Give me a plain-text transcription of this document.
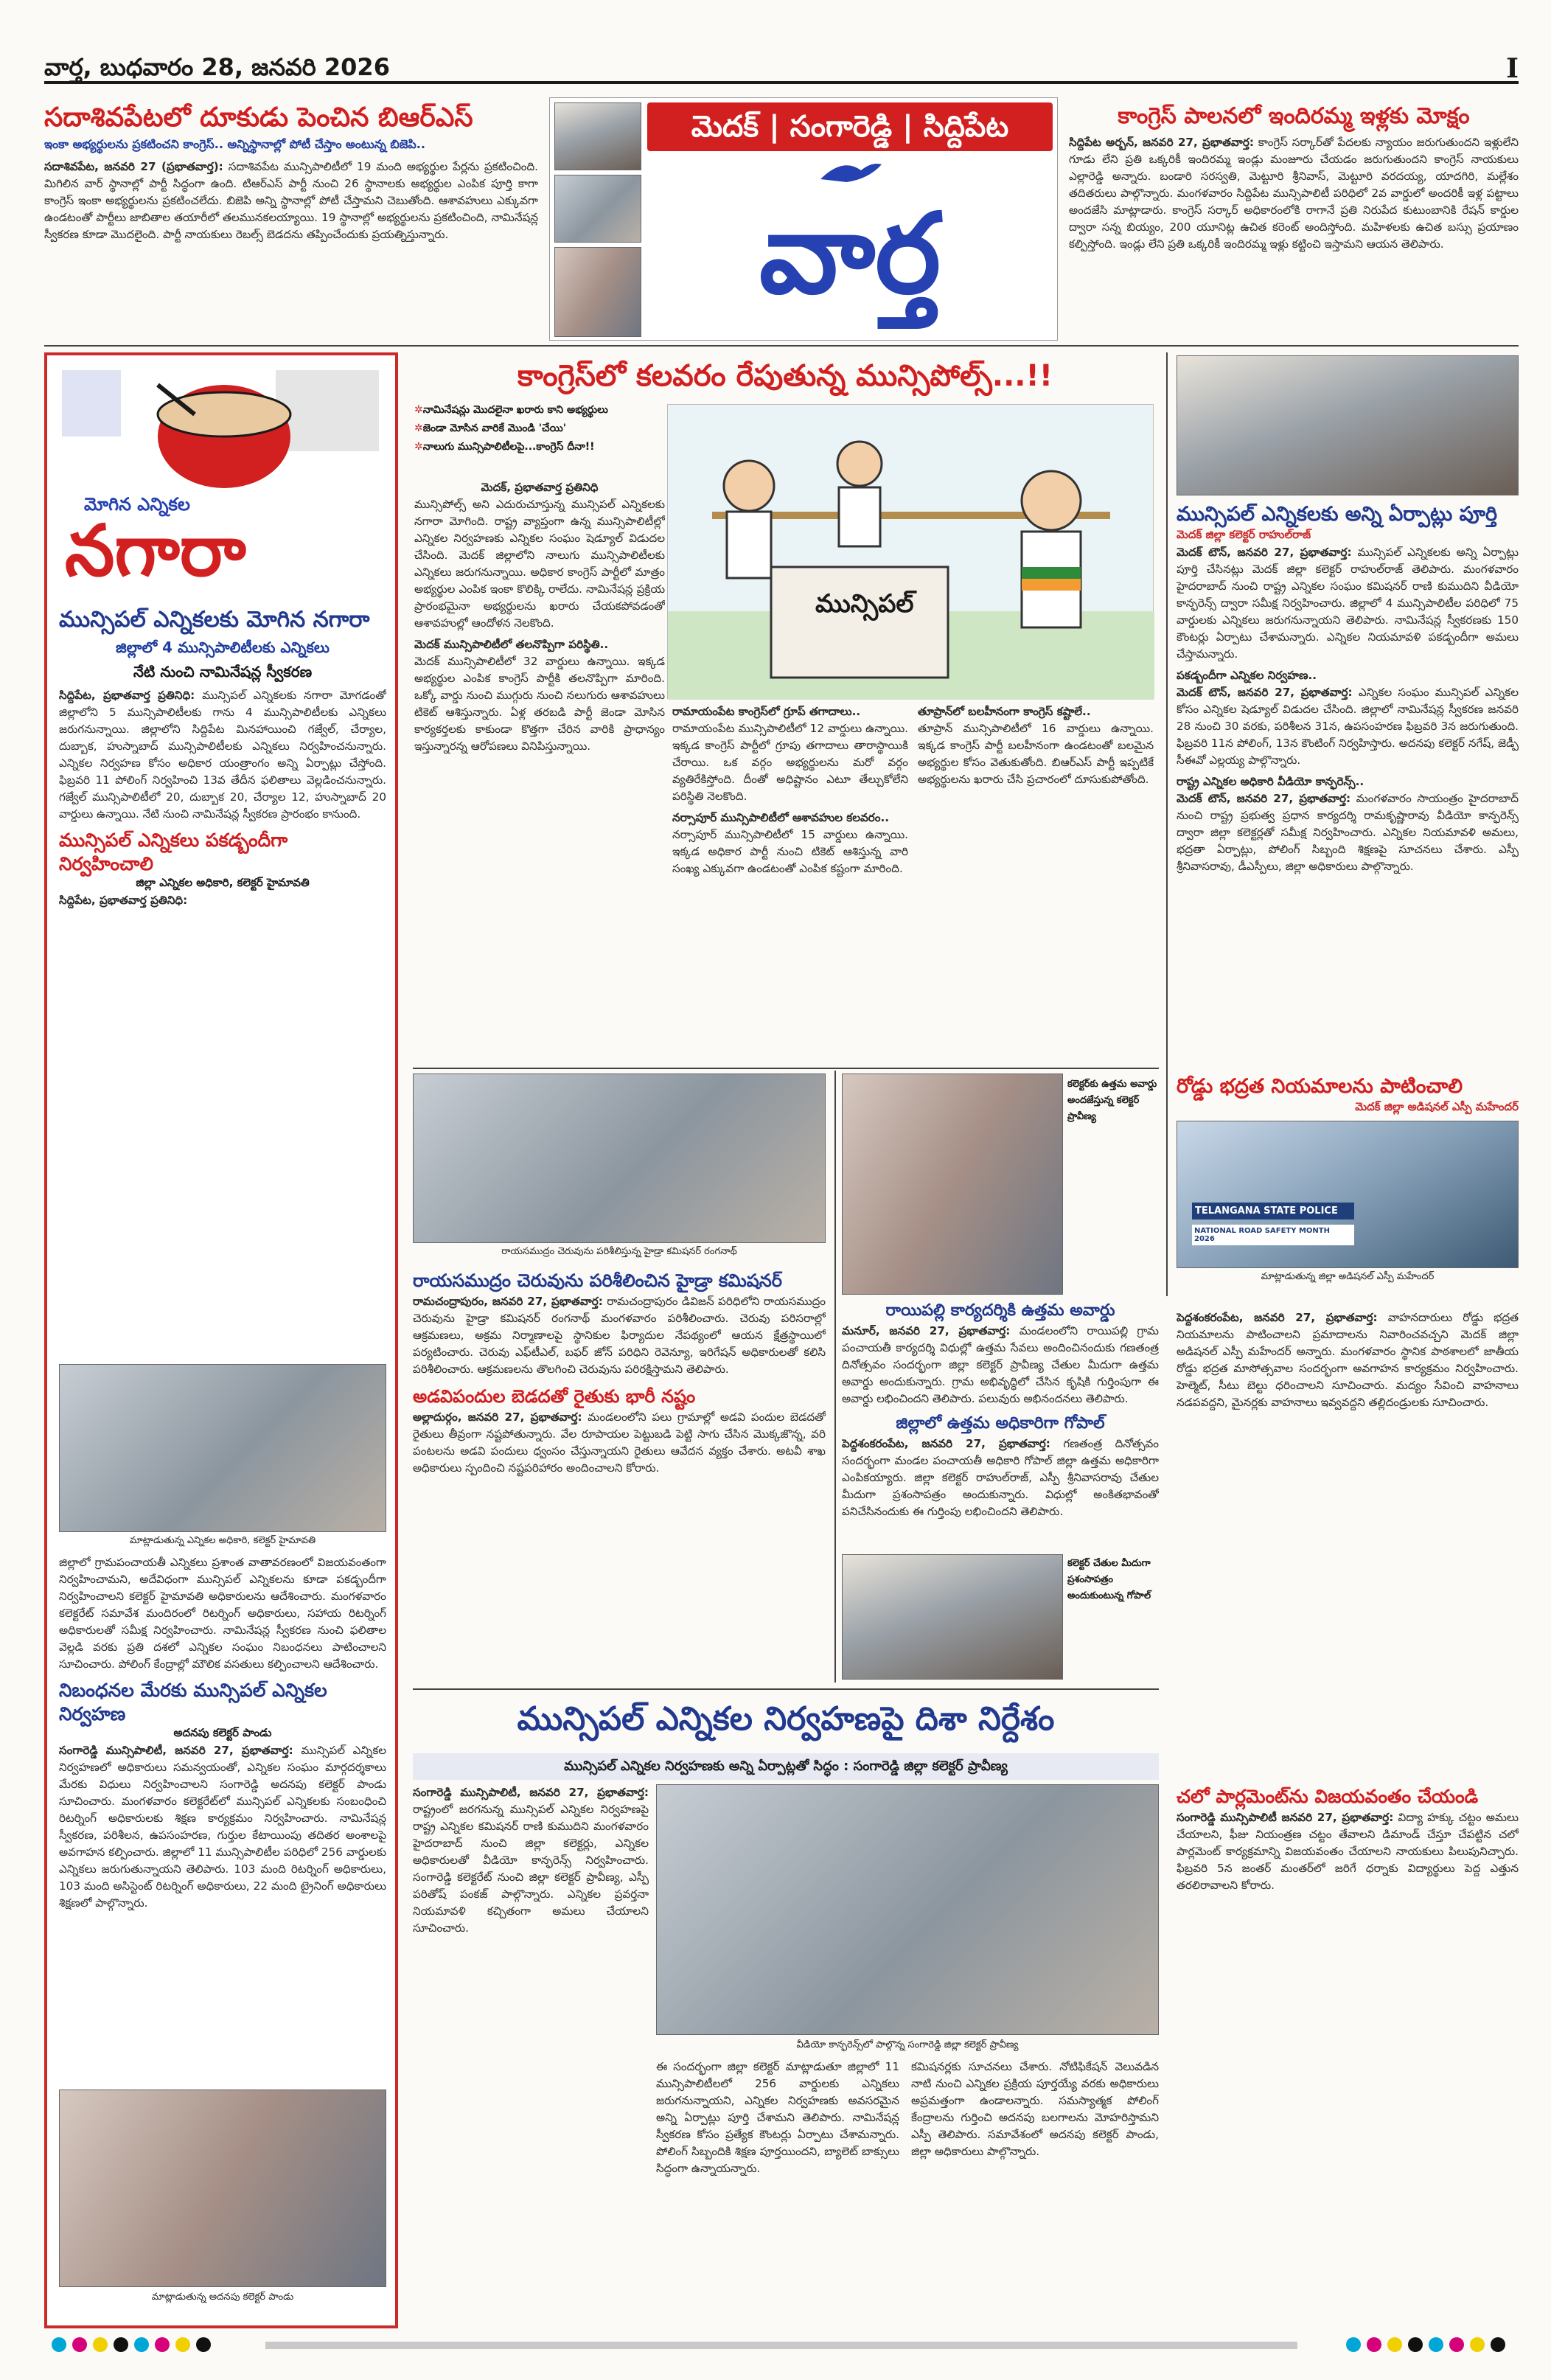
వార్త, బుధవారం 28, జనవరి 2026	I
సదాశివపేటలో దూకుడు పెంచిన బిఆర్ఎస్
ఇంకా అభ్యర్థులను ప్రకటించని కాంగ్రెస్.. అన్నిస్థానాల్లో పోటీ చేస్తాం అంటున్న బిజెపి..
సదాశివపేట, జనవరి 27 (ప్రభాతవార్త): సదాశివపేట మున్సిపాలిటీలో 19 మంది అభ్యర్థుల పేర్లను ప్రకటించింది. మిగిలిన వార్ స్థానాల్లో పార్టీ సిద్ధంగా ఉంది. టిఆర్ఎస్ పార్టీ నుంచి 26 స్థానాలకు అభ్యర్థుల ఎంపిక పూర్తి కాగా కాంగ్రెస్ ఇంకా అభ్యర్థులను ప్రకటించలేదు. బిజెపి అన్ని స్థానాల్లో పోటీ చేస్తామని చెబుతోంది. ఆశావహులు ఎక్కువగా ఉండటంతో పార్టీలు జాబితాల తయారీలో తలమునకలయ్యాయి. 19 స్థానాల్లో అభ్యర్థులను ప్రకటించింది, నామినేషన్ల స్వీకరణ కూడా మొదలైంది. పార్టీ నాయకులు రెబల్స్ బెడదను తప్పించేందుకు ప్రయత్నిస్తున్నారు.
మెదక్ | సంగారెడ్డి | సిద్దిపేట
వార్త
కాంగ్రెస్ పాలనలో ఇందిరమ్మ ఇళ్లకు మోక్షం
సిద్దిపేట అర్బన్, జనవరి 27, ప్రభాతవార్త: కాంగ్రెస్ సర్కార్‌తో పేదలకు న్యాయం జరుగుతుందని ఇళ్లులేని గూడు లేని ప్రతి ఒక్కరికీ ఇందిరమ్మ ఇండ్లు మంజూరు చేయడం జరుగుతుందని కాంగ్రెస్ నాయకులు ఎల్లారెడ్డి అన్నారు. బండారి సరస్వతి, మెట్టూరి శ్రీనివాస్, మెట్టూరి వరదయ్య, యాదగిరి, మల్లేశం తదితరులు పాల్గొన్నారు. మంగళవారం సిద్దిపేట మున్సిపాలిటీ పరిధిలో 2వ వార్డులో అందరికీ ఇళ్ల పట్టాలు అందజేసి మాట్లాడారు. కాంగ్రెస్ సర్కార్ అధికారంలోకి రాగానే ప్రతి నిరుపేద కుటుంబానికి రేషన్ కార్డుల ద్వారా సన్న బియ్యం, 200 యూనిట్ల ఉచిత కరెంట్ అందిస్తోంది. మహిళలకు ఉచిత బస్సు ప్రయాణం కల్పిస్తోంది. ఇండ్లు లేని ప్రతి ఒక్కరికీ ఇందిరమ్మ ఇళ్లు కట్టించి ఇస్తామని ఆయన తెలిపారు.
మోగిన ఎన్నికల
నగారా
మున్సిపల్ ఎన్నికలకు మోగిన నగారా
జిల్లాలో 4 మున్సిపాలిటీలకు ఎన్నికలు
నేటి నుంచి నామినేషన్ల స్వీకరణ
సిద్దిపేట, ప్రభాతవార్త ప్రతినిధి: మున్సిపల్ ఎన్నికలకు నగారా మోగడంతో జిల్లాలోని 5 మున్సిపాలిటీలకు గాను 4 మున్సిపాలిటీలకు ఎన్నికలు జరుగనున్నాయి. జిల్లాలోని సిద్దిపేట మినహాయించి గజ్వేల్, చేర్యాల, దుబ్బాక, హుస్నాబాద్ మున్సిపాలిటీలకు ఎన్నికలు నిర్వహించనున్నారు. ఎన్నికల నిర్వహణ కోసం అధికార యంత్రాంగం అన్ని ఏర్పాట్లు చేస్తోంది. ఫిబ్రవరి 11 పోలింగ్ నిర్వహించి 13వ తేదీన ఫలితాలు వెల్లడించనున్నారు. గజ్వేల్ మున్సిపాలిటీలో 20, దుబ్బాక 20, చేర్యాల 12, హుస్నాబాద్ 20 వార్డులు ఉన్నాయి. నేటి నుంచి నామినేషన్ల స్వీకరణ ప్రారంభం కానుంది.
మున్సిపల్ ఎన్నికలు పకడ్బందీగా నిర్వహించాలి
జిల్లా ఎన్నికల అధికారి, కలెక్టర్ హైమావతి
సిద్దిపేట, ప్రభాతవార్త ప్రతినిధి:
మాట్లాడుతున్న ఎన్నికల అధికారి, కలెక్టర్ హైమావతి
జిల్లాలో గ్రామపంచాయతీ ఎన్నికలు ప్రశాంత వాతావరణంలో విజయవంతంగా నిర్వహించామని, అదేవిధంగా మున్సిపల్ ఎన్నికలను కూడా పకడ్బందీగా నిర్వహించాలని కలెక్టర్ హైమావతి అధికారులను ఆదేశించారు. మంగళవారం కలెక్టరేట్ సమావేశ మందిరంలో రిటర్నింగ్ అధికారులు, సహాయ రిటర్నింగ్ అధికారులతో సమీక్ష నిర్వహించారు. నామినేషన్ల స్వీకరణ నుంచి ఫలితాల వెల్లడి వరకు ప్రతి దశలో ఎన్నికల సంఘం నిబంధనలు పాటించాలని సూచించారు. పోలింగ్ కేంద్రాల్లో మౌలిక వసతులు కల్పించాలని ఆదేశించారు.
నిబంధనల మేరకు మున్సిపల్ ఎన్నికల నిర్వహణ
అదనపు కలెక్టర్ పాండు
సంగారెడ్డి మున్సిపాలిటీ, జనవరి 27, ప్రభాతవార్త: మున్సిపల్ ఎన్నికల నిర్వహణలో అధికారులు సమన్వయంతో, ఎన్నికల సంఘం మార్గదర్శకాలు మేరకు విధులు నిర్వహించాలని సంగారెడ్డి అదనపు కలెక్టర్ పాండు సూచించారు. మంగళవారం కలెక్టరేట్‌లో మున్సిపల్ ఎన్నికలకు సంబంధించి రిటర్నింగ్ అధికారులకు శిక్షణ కార్యక్రమం నిర్వహించారు. నామినేషన్ల స్వీకరణ, పరిశీలన, ఉపసంహరణ, గుర్తుల కేటాయింపు తదితర అంశాలపై అవగాహన కల్పించారు. జిల్లాలో 11 మున్సిపాలిటీల పరిధిలో 256 వార్డులకు ఎన్నికలు జరుగుతున్నాయని తెలిపారు. 103 మంది రిటర్నింగ్ అధికారులు, 103 మంది అసిస్టెంట్ రిటర్నింగ్ అధికారులు, 22 మంది ట్రైనింగ్ అధికారులు శిక్షణలో పాల్గొన్నారు.
మాట్లాడుతున్న అదనపు కలెక్టర్ పాండు
కాంగ్రెస్‌లో కలవరం రేపుతున్న మున్సిపోల్స్...!!
✲ నామినేషన్లు మొదలైనా ఖరారు కాని అభ్యర్థులు
✲ జెండా మోసిన వారికే మొండి 'చేయి'
✲ నాలుగు మున్సిపాలిటీలపై...కాంగ్రెస్ దీనా!!
మున్సిపల్
మెదక్, ప్రభాతవార్త ప్రతినిధి
మున్సిపోల్స్ అని ఎదురుచూస్తున్న మున్సిపల్ ఎన్నికలకు నగారా మోగింది. రాష్ట్ర వ్యాప్తంగా ఉన్న మున్సిపాలిటీల్లో ఎన్నికల నిర్వహణకు ఎన్నికల సంఘం షెడ్యూల్ విడుదల చేసింది. మెదక్ జిల్లాలోని నాలుగు మున్సిపాలిటీలకు ఎన్నికలు జరుగనున్నాయి. అధికార కాంగ్రెస్ పార్టీలో మాత్రం అభ్యర్థుల ఎంపిక ఇంకా కొలిక్కి రాలేదు. నామినేషన్ల ప్రక్రియ ప్రారంభమైనా అభ్యర్థులను ఖరారు చేయకపోవడంతో ఆశావహుల్లో ఆందోళన నెలకొంది.
మెదక్ మున్సిపాలిటీలో తలనొప్పిగా పరిస్థితి..
మెదక్ మున్సిపాలిటీలో 32 వార్డులు ఉన్నాయి. ఇక్కడ అభ్యర్థుల ఎంపిక కాంగ్రెస్ పార్టీకి తలనొప్పిగా మారింది. ఒక్కో వార్డు నుంచి ముగ్గురు నుంచి నలుగురు ఆశావహులు టికెట్ ఆశిస్తున్నారు. ఏళ్ల తరబడి పార్టీ జెండా మోసిన కార్యకర్తలకు కాకుండా కొత్తగా చేరిన వారికి ప్రాధాన్యం ఇస్తున్నారన్న ఆరోపణలు వినిపిస్తున్నాయి.
రామాయంపేట కాంగ్రెస్‌లో గ్రూప్ తగాదాలు..
రామాయంపేట మున్సిపాలిటీలో 12 వార్డులు ఉన్నాయి. ఇక్కడ కాంగ్రెస్ పార్టీలో గ్రూపు తగాదాలు తారాస్థాయికి చేరాయి. ఒక వర్గం అభ్యర్థులను మరో వర్గం వ్యతిరేకిస్తోంది. దీంతో అధిష్టానం ఎటూ తేల్చుకోలేని పరిస్థితి నెలకొంది.
నర్సాపూర్ మున్సిపాలిటీలో ఆశావహుల కలవరం..
నర్సాపూర్ మున్సిపాలిటీలో 15 వార్డులు ఉన్నాయి. ఇక్కడ అధికార పార్టీ నుంచి టికెట్ ఆశిస్తున్న వారి సంఖ్య ఎక్కువగా ఉండటంతో ఎంపిక కష్టంగా మారింది.
తూప్రాన్‌లో బలహీనంగా కాంగ్రెస్ కష్టాలే..
తూప్రాన్ మున్సిపాలిటీలో 16 వార్డులు ఉన్నాయి. ఇక్కడ కాంగ్రెస్ పార్టీ బలహీనంగా ఉండటంతో బలమైన అభ్యర్థుల కోసం వెతుకుతోంది. బిఆర్ఎస్ పార్టీ ఇప్పటికే అభ్యర్థులను ఖరారు చేసి ప్రచారంలో దూసుకుపోతోంది.
మున్సిపల్ ఎన్నికలకు అన్ని ఏర్పాట్లు పూర్తి
మెదక్ జిల్లా కలెక్టర్ రాహుల్‌రాజ్
మెదక్ టౌన్, జనవరి 27, ప్రభాతవార్త: మున్సిపల్ ఎన్నికలకు అన్ని ఏర్పాట్లు పూర్తి చేసినట్లు మెదక్ జిల్లా కలెక్టర్ రాహుల్‌రాజ్ తెలిపారు. మంగళవారం హైదరాబాద్ నుంచి రాష్ట్ర ఎన్నికల సంఘం కమిషనర్ రాణి కుముదిని వీడియో కాన్ఫరెన్స్ ద్వారా సమీక్ష నిర్వహించారు. జిల్లాలో 4 మున్సిపాలిటీల పరిధిలో 75 వార్డులకు ఎన్నికలు జరుగనున్నాయని తెలిపారు. నామినేషన్ల స్వీకరణకు 150 కౌంటర్లు ఏర్పాటు చేశామన్నారు. ఎన్నికల నియమావళి పకడ్బందీగా అమలు చేస్తామన్నారు.
పకడ్బందీగా ఎన్నికల నిర్వహణ..
మెదక్ టౌన్, జనవరి 27, ప్రభాతవార్త: ఎన్నికల సంఘం మున్సిపల్ ఎన్నికల కోసం ఎన్నికల షెడ్యూల్ విడుదల చేసింది. జిల్లాలో నామినేషన్ల స్వీకరణ జనవరి 28 నుంచి 30 వరకు, పరిశీలన 31న, ఉపసంహరణ ఫిబ్రవరి 3న జరుగుతుంది. ఫిబ్రవరి 11న పోలింగ్, 13న కౌంటింగ్ నిర్వహిస్తారు. అదనపు కలెక్టర్ నగేష్, జెడ్పీ సీఈవో ఎల్లయ్య పాల్గొన్నారు.
రాష్ట్ర ఎన్నికల అధికారి వీడియో కాన్ఫరెన్స్..
మెదక్ టౌన్, జనవరి 27, ప్రభాతవార్త: మంగళవారం సాయంత్రం హైదరాబాద్ నుంచి రాష్ట్ర ప్రభుత్వ ప్రధాన కార్యదర్శి రామకృష్ణారావు వీడియో కాన్ఫరెన్స్ ద్వారా జిల్లా కలెక్టర్లతో సమీక్ష నిర్వహించారు. ఎన్నికల నియమావళి అమలు, భద్రతా ఏర్పాట్లు, పోలింగ్ సిబ్బంది శిక్షణపై సూచనలు చేశారు. ఎస్పీ శ్రీనివాసరావు, డీఎస్పీలు, జిల్లా అధికారులు పాల్గొన్నారు.
రోడ్డు భద్రత నియమాలను పాటించాలి
మెదక్ జిల్లా అడిషనల్ ఎస్పీ మహేందర్
TELANGANA STATE POLICE
NATIONAL ROAD SAFETY MONTH 2026
మాట్లాడుతున్న జిల్లా అడిషనల్ ఎస్పీ మహేందర్
పెద్దశంకరంపేట, జనవరి 27, ప్రభాతవార్త: వాహనదారులు రోడ్డు భద్రత నియమాలను పాటించాలని ప్రమాదాలను నివారించవచ్చని మెదక్ జిల్లా అడిషనల్ ఎస్పీ మహేందర్ అన్నారు. మంగళవారం స్థానిక పాఠశాలలో జాతీయ రోడ్డు భద్రత మాసోత్సవాల సందర్భంగా అవగాహన కార్యక్రమం నిర్వహించారు. హెల్మెట్, సీటు బెల్టు ధరించాలని సూచించారు. మద్యం సేవించి వాహనాలు నడపవద్దని, మైనర్లకు వాహనాలు ఇవ్వవద్దని తల్లిదండ్రులకు సూచించారు.
చలో పార్లమెంట్‌ను విజయవంతం చేయండి
సంగారెడ్డి మున్సిపాలిటీ జనవరి 27, ప్రభాతవార్త: విద్యా హక్కు చట్టం అమలు చేయాలని, ఫీజు నియంత్రణ చట్టం తేవాలని డిమాండ్ చేస్తూ చేపట్టిన చలో పార్లమెంట్ కార్యక్రమాన్ని విజయవంతం చేయాలని నాయకులు పిలుపునిచ్చారు. ఫిబ్రవరి 5న జంతర్ మంతర్‌లో జరిగే ధర్నాకు విద్యార్థులు పెద్ద ఎత్తున తరలిరావాలని కోరారు.
రాయసముద్రం చెరువును పరిశీలిస్తున్న హైడ్రా కమిషనర్ రంగనాథ్
రాయసముద్రం చెరువును పరిశీలించిన హైడ్రా కమిషనర్
రామచంద్రాపురం, జనవరి 27, ప్రభాతవార్త: రామచంద్రాపురం డివిజన్ పరిధిలోని రాయసముద్రం చెరువును హైడ్రా కమిషనర్ రంగనాథ్ మంగళవారం పరిశీలించారు. చెరువు పరిసరాల్లో ఆక్రమణలు, అక్రమ నిర్మాణాలపై స్థానికుల ఫిర్యాదుల నేపథ్యంలో ఆయన క్షేత్రస్థాయిలో పర్యటించారు. చెరువు ఎఫ్‌టీఎల్, బఫర్ జోన్ పరిధిని రెవెన్యూ, ఇరిగేషన్ అధికారులతో కలిసి పరిశీలించారు. ఆక్రమణలను తొలగించి చెరువును పరిరక్షిస్తామని తెలిపారు.
అడవిపందుల బెడదతో రైతుకు భారీ నష్టం
అల్లాదుర్గం, జనవరి 27, ప్రభాతవార్త: మండలంలోని పలు గ్రామాల్లో అడవి పందుల బెడదతో రైతులు తీవ్రంగా నష్టపోతున్నారు. వేల రూపాయల పెట్టుబడి పెట్టి సాగు చేసిన మొక్కజొన్న, వరి పంటలను అడవి పందులు ధ్వంసం చేస్తున్నాయని రైతులు ఆవేదన వ్యక్తం చేశారు. అటవీ శాఖ అధికారులు స్పందించి నష్టపరిహారం అందించాలని కోరారు.
కలెక్టర్‌కు ఉత్తమ అవార్డు అందజేస్తున్న కలెక్టర్ ప్రావీణ్య
రాయిపల్లి కార్యదర్శికి ఉత్తమ అవార్డు
మనూర్, జనవరి 27, ప్రభాతవార్త: మండలంలోని రాయిపల్లి గ్రామ పంచాయతీ కార్యదర్శి విధుల్లో ఉత్తమ సేవలు అందించినందుకు గణతంత్ర దినోత్సవం సందర్భంగా జిల్లా కలెక్టర్ ప్రావీణ్య చేతుల మీదుగా ఉత్తమ అవార్డు అందుకున్నారు. గ్రామ అభివృద్ధిలో చేసిన కృషికి గుర్తింపుగా ఈ అవార్డు లభించిందని తెలిపారు. పలువురు అభినందనలు తెలిపారు.
జిల్లాలో ఉత్తమ అధికారిగా గోపాల్
పెద్దశంకరంపేట, జనవరి 27, ప్రభాతవార్త: గణతంత్ర దినోత్సవం సందర్భంగా మండల పంచాయతీ అధికారి గోపాల్ జిల్లా ఉత్తమ అధికారిగా ఎంపికయ్యారు. జిల్లా కలెక్టర్ రాహుల్‌రాజ్, ఎస్పీ శ్రీనివాసరావు చేతుల మీదుగా ప్రశంసాపత్రం అందుకున్నారు. విధుల్లో అంకితభావంతో పనిచేసినందుకు ఈ గుర్తింపు లభించిందని తెలిపారు.
కలెక్టర్ చేతుల మీదుగా ప్రశంసాపత్రం అందుకుంటున్న గోపాల్
మున్సిపల్ ఎన్నికల నిర్వహణపై దిశా నిర్దేశం
మున్సిపల్ ఎన్నికల నిర్వహణకు అన్ని ఏర్పాట్లతో సిద్ధం : సంగారెడ్డి జిల్లా కలెక్టర్ ప్రావీణ్య
సంగారెడ్డి మున్సిపాలిటీ, జనవరి 27, ప్రభాతవార్త: రాష్ట్రంలో జరగనున్న మున్సిపల్ ఎన్నికల నిర్వహణపై రాష్ట్ర ఎన్నికల కమిషనర్ రాణి కుముదిని మంగళవారం హైదరాబాద్ నుంచి జిల్లా కలెక్టర్లు, ఎన్నికల అధికారులతో వీడియో కాన్ఫరెన్స్ నిర్వహించారు. సంగారెడ్డి కలెక్టరేట్ నుంచి జిల్లా కలెక్టర్ ప్రావీణ్య, ఎస్పీ పరితోష్ పంకజ్ పాల్గొన్నారు. ఎన్నికల ప్రవర్తనా నియమావళి కచ్చితంగా అమలు చేయాలని సూచించారు.
వీడియో కాన్ఫరెన్స్‌లో పాల్గొన్న సంగారెడ్డి జిల్లా కలెక్టర్ ప్రావీణ్య
ఈ సందర్భంగా జిల్లా కలెక్టర్ మాట్లాడుతూ జిల్లాలో 11 మున్సిపాలిటీలలో 256 వార్డులకు ఎన్నికలు జరుగనున్నాయని, ఎన్నికల నిర్వహణకు అవసరమైన అన్ని ఏర్పాట్లు పూర్తి చేశామని తెలిపారు. నామినేషన్ల స్వీకరణ కోసం ప్రత్యేక కౌంటర్లు ఏర్పాటు చేశామన్నారు. పోలింగ్ సిబ్బందికి శిక్షణ పూర్తయిందని, బ్యాలెట్ బాక్సులు సిద్ధంగా ఉన్నాయన్నారు.
కమిషనర్లకు సూచనలు చేశారు. నోటిఫికేషన్ వెలువడిన నాటి నుంచి ఎన్నికల ప్రక్రియ పూర్తయ్యే వరకు అధికారులు అప్రమత్తంగా ఉండాలన్నారు. సమస్యాత్మక పోలింగ్ కేంద్రాలను గుర్తించి అదనపు బలగాలను మోహరిస్తామని ఎస్పీ తెలిపారు. సమావేశంలో అదనపు కలెక్టర్ పాండు, జిల్లా అధికారులు పాల్గొన్నారు.
